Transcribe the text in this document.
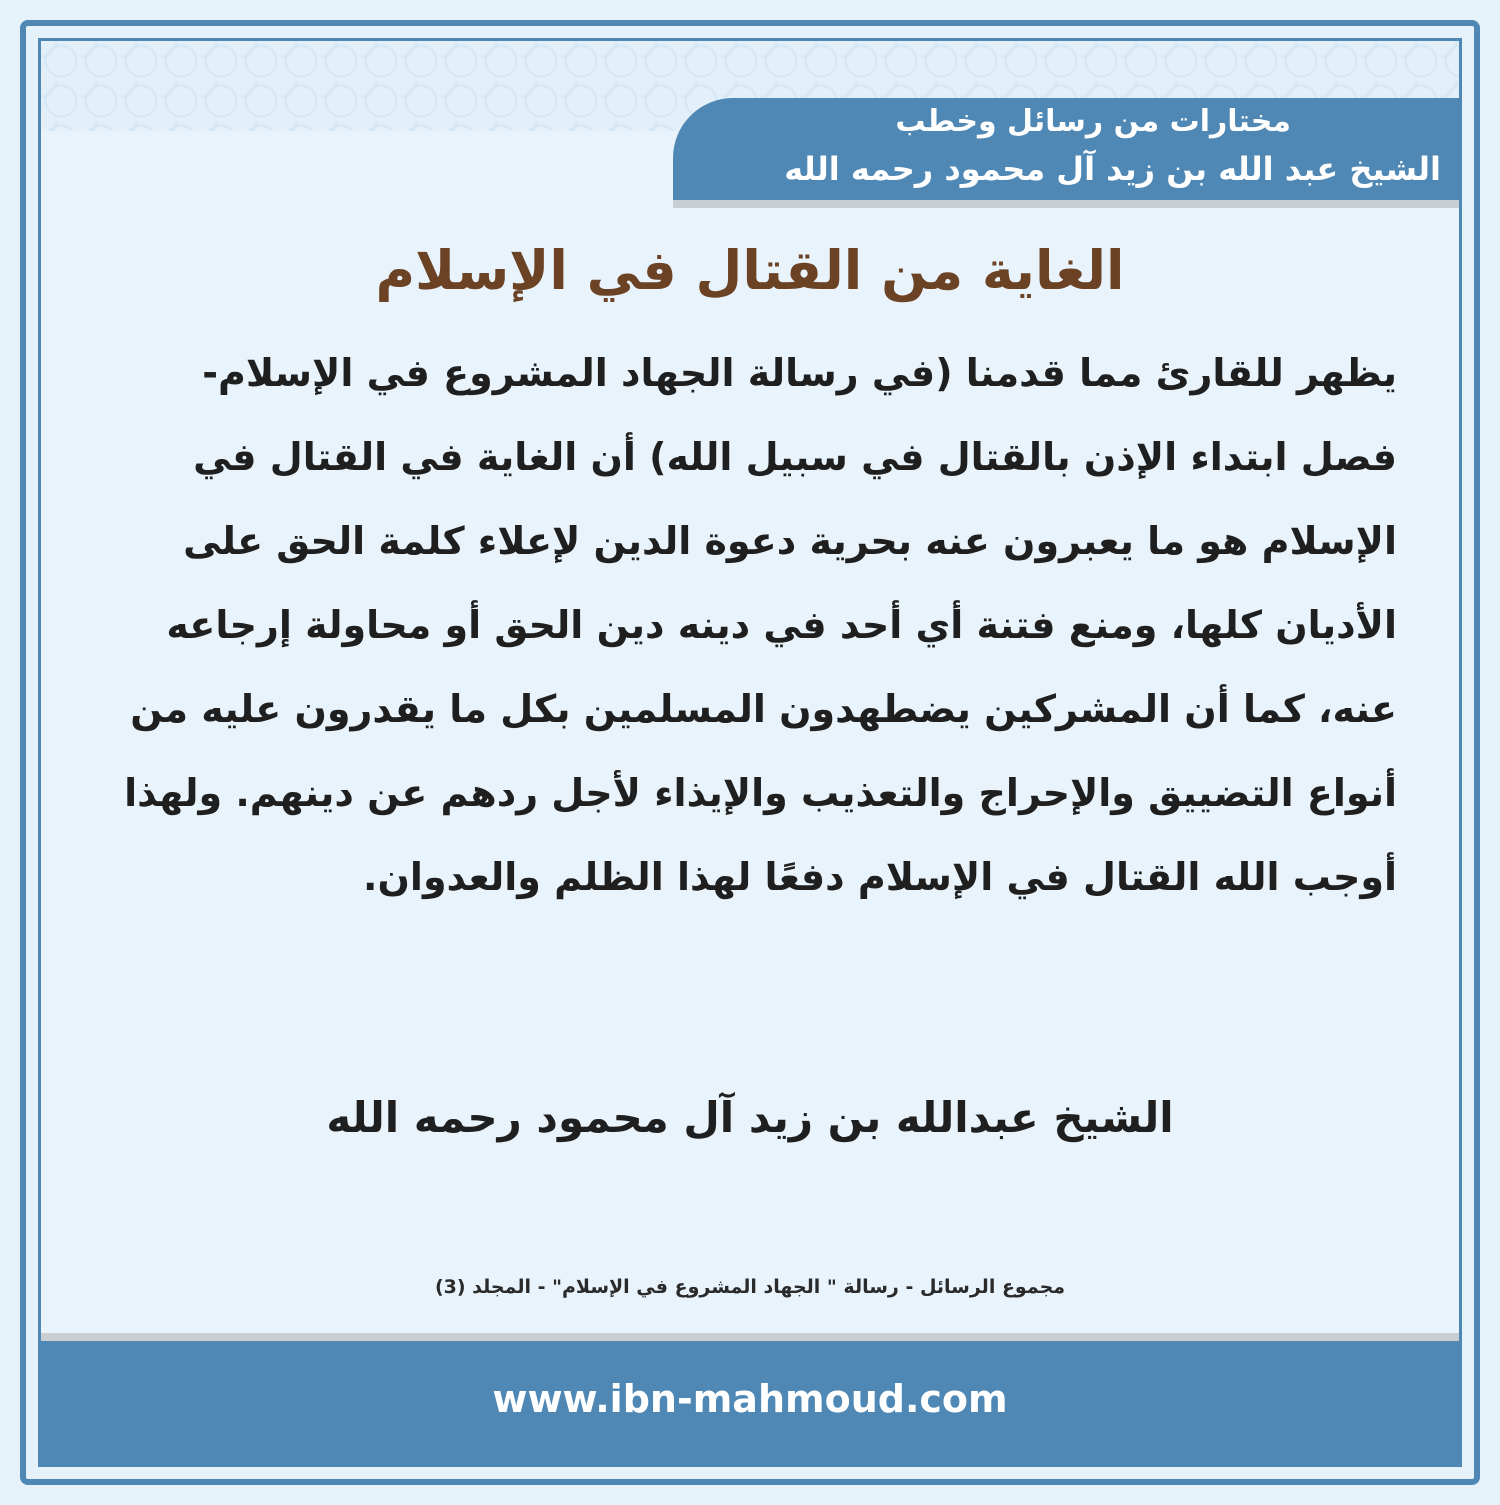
مختارات من رسائل وخطب
الشيخ عبد الله بن زيد آل محمود رحمه الله
الغاية من القتال في الإسلام
يظهر للقارئ مما قدمنا (في رسالة الجهاد المشروع في الإسلام- فصل ابتداء الإذن بالقتال في سبيل الله) أن الغاية في القتال في الإسلام هو ما يعبرون عنه بحرية دعوة الدين لإعلاء كلمة الحق على الأديان كلها، ومنع فتنة أي أحد في دينه دين الحق أو محاولة إرجاعه عنه، كما أن المشركين يضطهدون المسلمين بكل ما يقدرون عليه من أنواع التضييق والإحراج والتعذيب والإيذاء لأجل ردهم عن دينهم. ولهذا أوجب الله القتال في الإسلام دفعًا لهذا الظلم والعدوان.
الشيخ عبدالله بن زيد آل محمود رحمه الله
مجموع الرسائل - رسالة " الجهاد المشروع في الإسلام" - المجلد (3)
www.ibn-mahmoud.com
